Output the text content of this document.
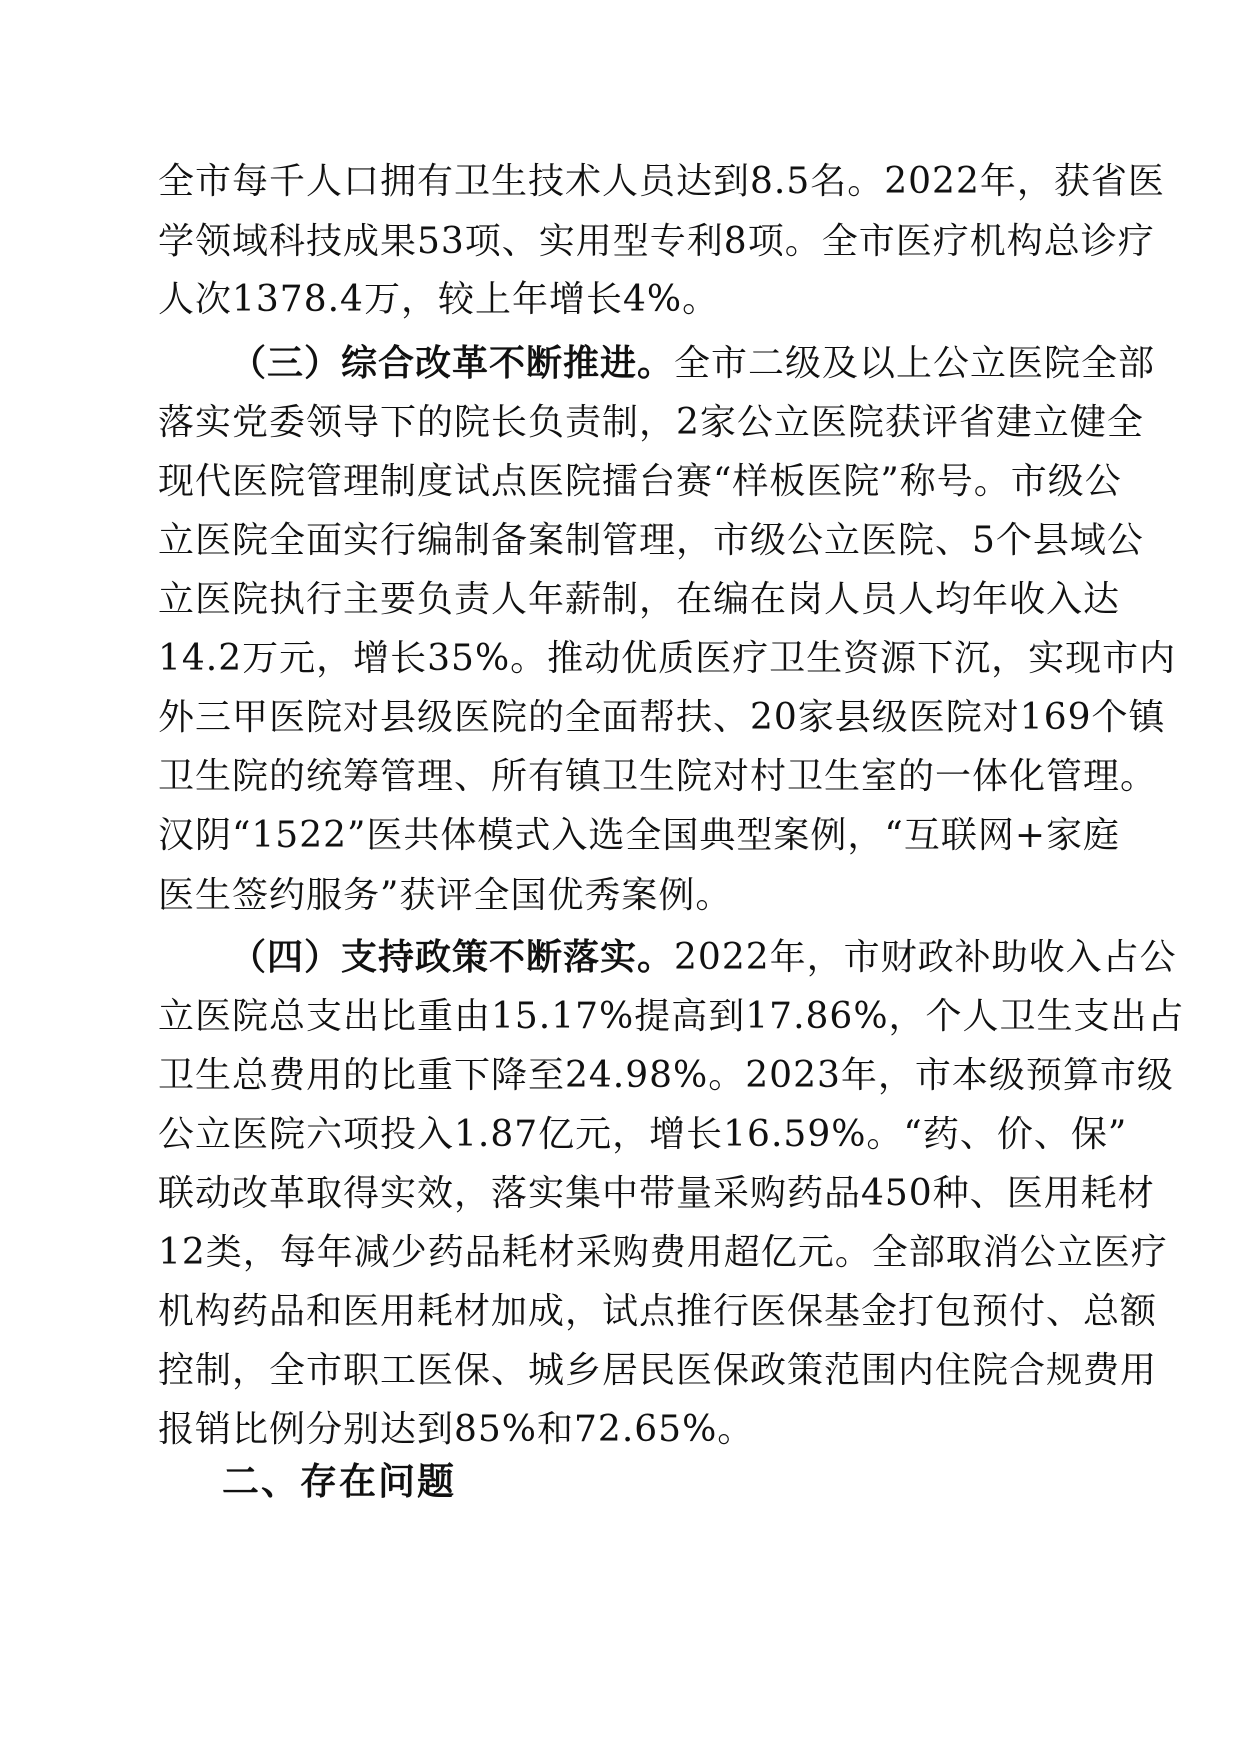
全市每千人口拥有卫生技术人员达到8.5名。2022年，获省医
学领域科技成果53项、实用型专利8项。全市医疗机构总诊疗
人次1378.4万，较上年增长4%。
（三）综合改革不断推进。全市二级及以上公立医院全部
落实党委领导下的院长负责制，2家公立医院获评省建立健全
现代医院管理制度试点医院擂台赛“样板医院”称号。市级公
立医院全面实行编制备案制管理，市级公立医院、5个县域公
立医院执行主要负责人年薪制，在编在岗人员人均年收入达
14.2万元，增长35%。推动优质医疗卫生资源下沉，实现市内
外三甲医院对县级医院的全面帮扶、20家县级医院对169个镇
卫生院的统筹管理、所有镇卫生院对村卫生室的一体化管理。
汉阴“1522”医共体模式入选全国典型案例，“互联网+家庭
医生签约服务”获评全国优秀案例。
（四）支持政策不断落实。2022年，市财政补助收入占公
立医院总支出比重由15.17%提高到17.86%，个人卫生支出占
卫生总费用的比重下降至24.98%。2023年，市本级预算市级
公立医院六项投入1.87亿元，增长16.59%。“药、价、保”
联动改革取得实效，落实集中带量采购药品450种、医用耗材
12类，每年减少药品耗材采购费用超亿元。全部取消公立医疗
机构药品和医用耗材加成，试点推行医保基金打包预付、总额
控制，全市职工医保、城乡居民医保政策范围内住院合规费用
报销比例分别达到85%和72.65%。
二、存在问题
